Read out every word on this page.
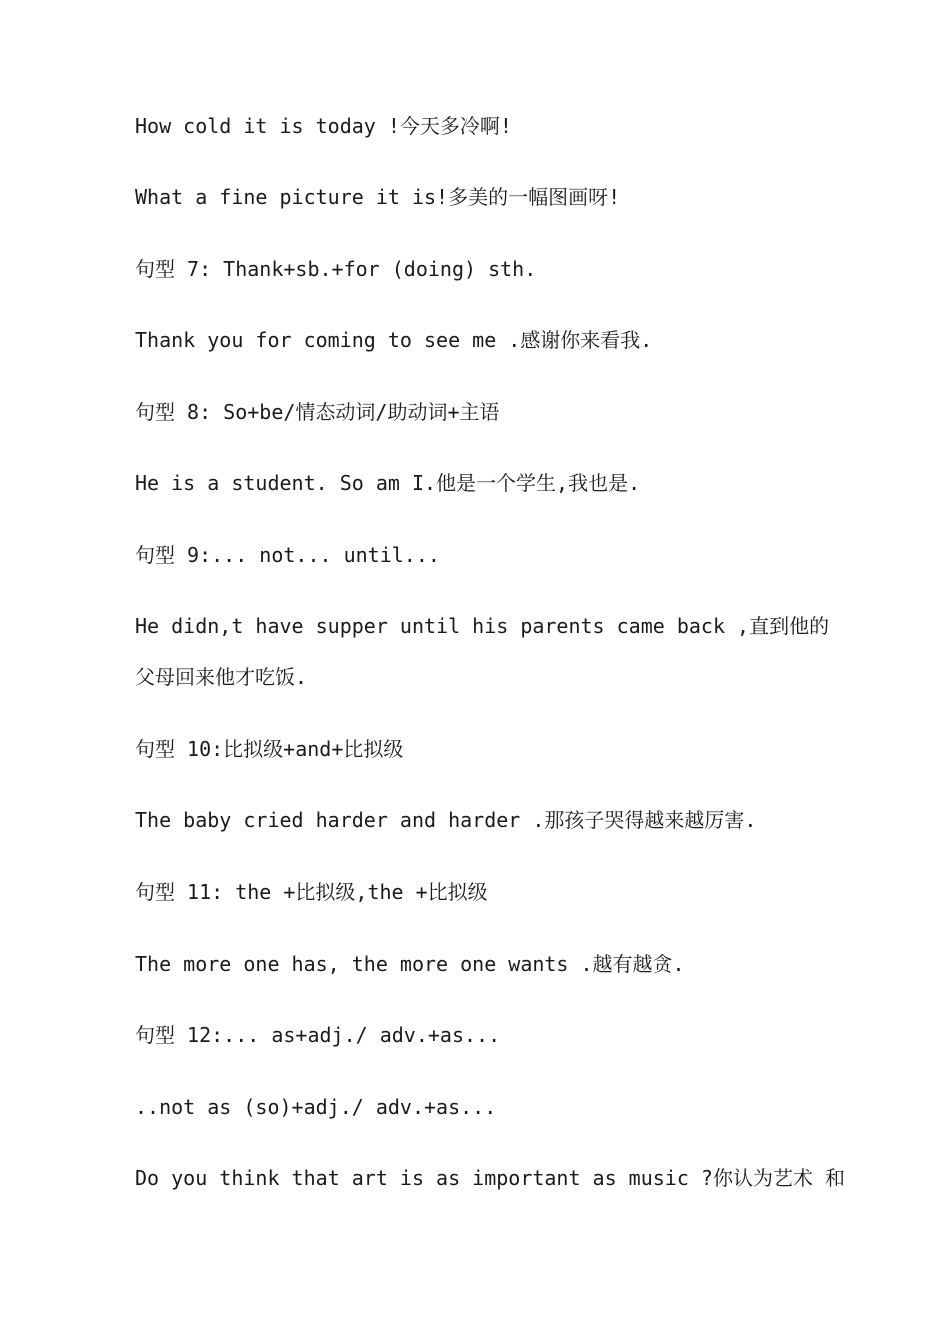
How cold it is today !今天多冷啊!

What a fine picture it is!多美的一幅图画呀!

句型 7: Thank+sb.+for (doing) sth.

Thank you for coming to see me .感谢你来看我.

句型 8: So+be/情态动词/助动词+主语

He is a student. So am I.他是一个学生,我也是.

句型 9:... not... until...

He didn,t have supper until his parents came back ,直到他的

父母回来他才吃饭.

句型 10:比拟级+and+比拟级

The baby cried harder and harder .那孩子哭得越来越厉害.

句型 11: the +比拟级,the +比拟级

The more one has, the more one wants .越有越贪.

句型 12:... as+adj./ adv.+as...

..not as (so)+adj./ adv.+as...

Do you think that art is as important as music ?你认为艺术 和
